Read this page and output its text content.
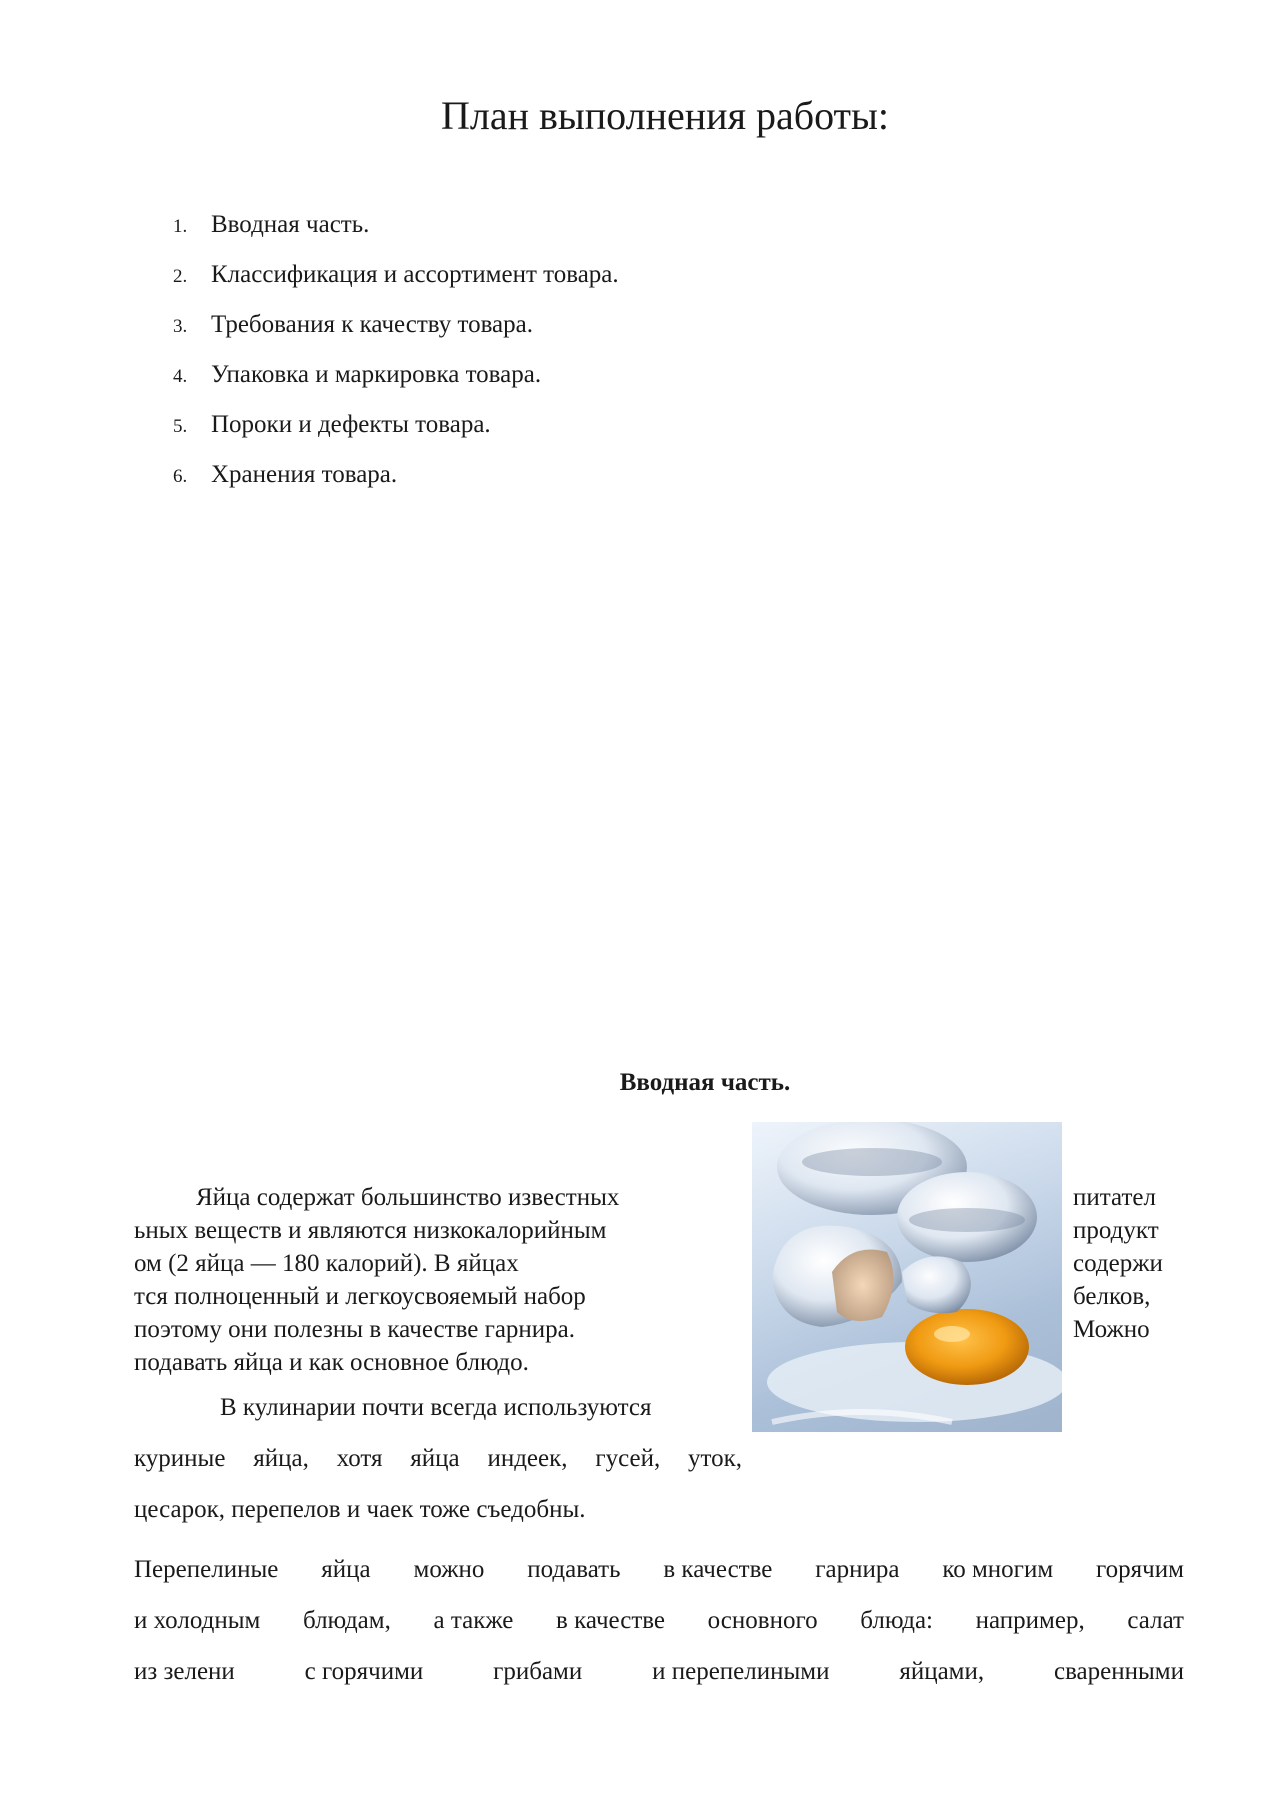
План выполнения работы:
1. Вводная часть.
2. Классификация и ассортимент товара.
3. Требования к качеству товара.
4. Упаковка и маркировка товара.
5. Пороки и дефекты товара.
6. Хранения товара.
Вводная часть.
Яйца содержат большинство известных
ьных веществ и являются низкокалорийным
ом (2 яйца — 180 калорий). В яйцах
тся полноценный и легкоусвояемый набор
поэтому они полезны в качестве гарнира.
подавать яйца и как основное блюдо.
питател
продукт
содержи
белков,
Можно
В кулинарии почти всегда используются
куриные яйца, хотя яйца индеек, гусей, уток,
цесарок, перепелов и чаек тоже съедобны.
Перепелиные яйца можно подавать в качестве гарнира ко многим горячим
и холодным блюдам, а также в качестве основного блюда: например, салат
из зелени	с горячими	грибами	и перепелиными	яйцами,	сваренными
